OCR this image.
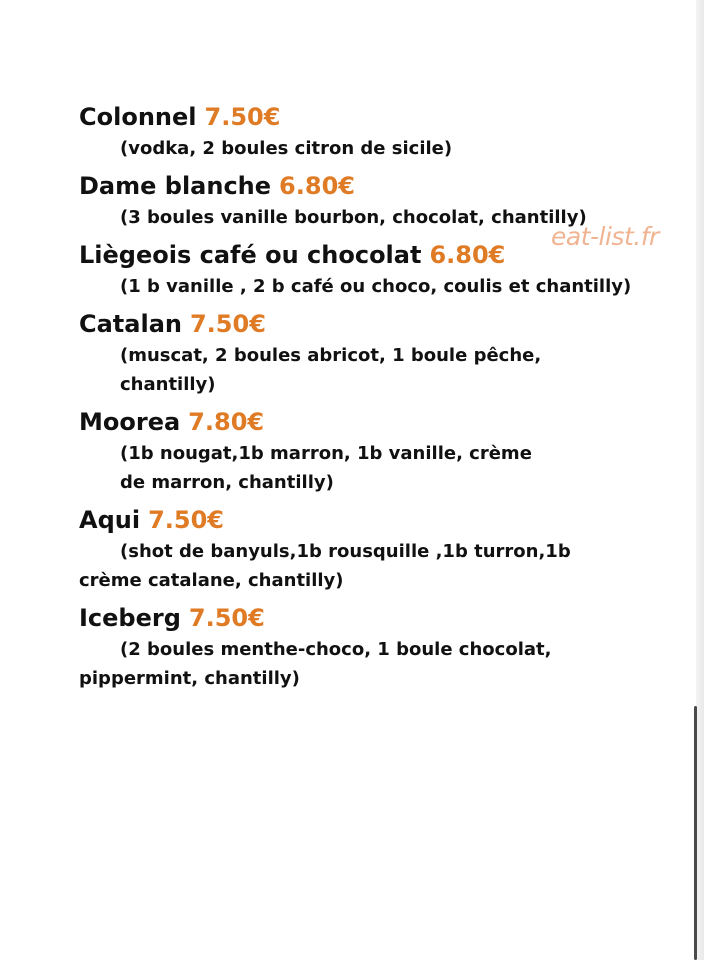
eat-list.fr
Colonnel 7.50€
(vodka, 2 boules citron de sicile)
Dame blanche 6.80€
(3 boules vanille bourbon, chocolat, chantilly)
Liègeois café ou chocolat 6.80€
(1 b vanille , 2 b café ou choco, coulis et chantilly)
Catalan 7.50€
(muscat, 2 boules abricot, 1 boule pêche, chantilly)
Moorea 7.80€
(1b nougat,1b marron, 1b vanille, crème de marron, chantilly)
Aqui 7.50€
(shot de banyuls,1b rousquille ,1b turron,1b crème catalane, chantilly)
Iceberg 7.50€
(2 boules menthe-choco, 1 boule chocolat, pippermint, chantilly)
